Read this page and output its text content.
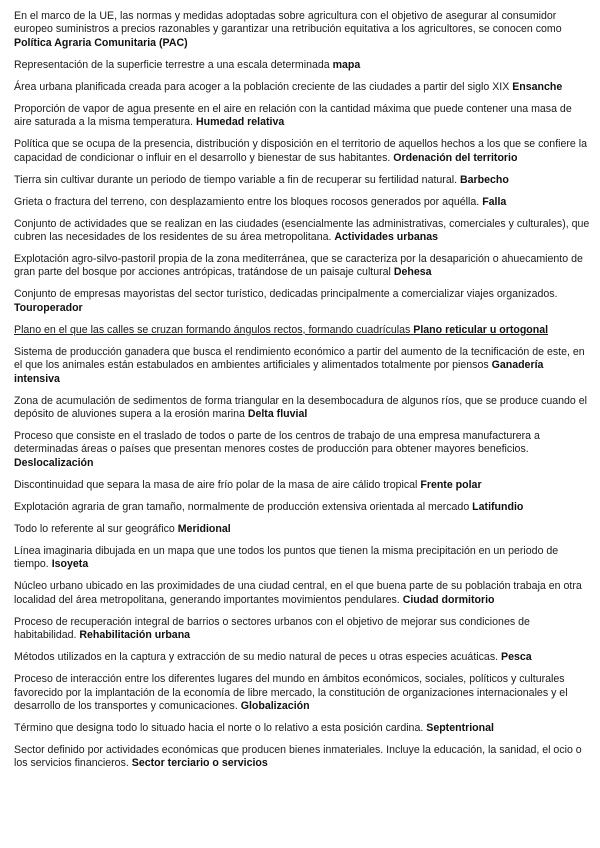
En el marco de la UE, las normas y medidas adoptadas sobre agricultura con el objetivo de asegurar al consumidor europeo suministros a precios razonables y garantizar una retribución equitativa a los agricultores, se conocen como Política Agraria Comunitaria (PAC)

Representación de la superficie terrestre a una escala determinada mapa

Área urbana planificada creada para acoger a la población creciente de las ciudades a partir del siglo XIX Ensanche

Proporción de vapor de agua presente en el aire en relación con la cantidad máxima que puede contener una masa de aire saturada a la misma temperatura. Humedad relativa

Política que se ocupa de la presencia, distribución y disposición en el territorio de aquellos hechos a los que se confiere la capacidad de condicionar o influir en el desarrollo y bienestar de sus habitantes. Ordenación del territorio

Tierra sin cultivar durante un periodo de tiempo variable a fin de recuperar su fertilidad natural. Barbecho

Grieta o fractura del terreno, con desplazamiento entre los bloques rocosos generados por aquélla. Falla

Conjunto de actividades que se realizan en las ciudades (esencialmente las administrativas, comerciales y culturales), que cubren las necesidades de los residentes de su área metropolitana. Actividades urbanas

Explotación agro-silvo-pastoril propia de la zona mediterránea, que se caracteriza por la desaparición o ahuecamiento de gran parte del bosque por acciones antrópicas, tratándose de un paisaje cultural Dehesa

Conjunto de empresas mayoristas del sector turístico, dedicadas principalmente a comercializar viajes organizados. Touroperador

Plano en el que las calles se cruzan formando ángulos rectos, formando cuadrículas Plano reticular u ortogonal

Sistema de producción ganadera que busca el rendimiento económico a partir del aumento de la tecnificación de este, en el que los animales están estabulados en ambientes artificiales y alimentados totalmente por piensos Ganadería intensiva

Zona de acumulación de sedimentos de forma triangular en la desembocadura de algunos ríos, que se produce cuando el depósito de aluviones supera a la erosión marina Delta fluvial

Proceso que consiste en el traslado de todos o parte de los centros de trabajo de una empresa manufacturera a determinadas áreas o países que presentan menores costes de producción para obtener mayores beneficios. Deslocalización

Discontinuidad que separa la masa de aire frío polar de la masa de aire cálido tropical Frente polar

Explotación agraria de gran tamaño, normalmente de producción extensiva orientada al mercado Latifundio

Todo lo referente al sur geográfico Meridional

Línea imaginaria dibujada en un mapa que une todos los puntos que tienen la misma precipitación en un periodo de tiempo. Isoyeta

Núcleo urbano ubicado en las proximidades de una ciudad central, en el que buena parte de su población trabaja en otra localidad del área metropolitana, generando importantes movimientos pendulares. Ciudad dormitorio

Proceso de recuperación integral de barrios o sectores urbanos con el objetivo de mejorar sus condiciones de habitabilidad. Rehabilitación urbana

Métodos utilizados en la captura y extracción de su medio natural de peces u otras especies acuáticas. Pesca

Proceso de interacción entre los diferentes lugares del mundo en ámbitos económicos, sociales, políticos y culturales favorecido por la implantación de la economía de libre mercado, la constitución de organizaciones internacionales y el desarrollo de los transportes y comunicaciones. Globalización

Término que designa todo lo situado hacia el norte o lo relativo a esta posición cardina. Septentrional

Sector definido por actividades económicas que producen bienes inmateriales. Incluye la educación, la sanidad, el ocio o los servicios financieros. Sector terciario o servicios
